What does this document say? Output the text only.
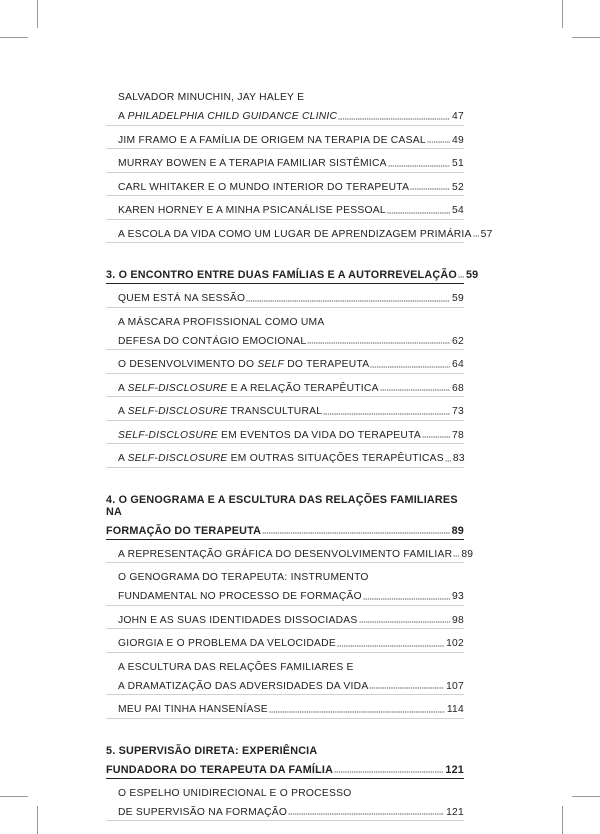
SALVADOR MINUCHIN, JAY HALEY E
A PHILADELPHIA CHILD GUIDANCE CLINIC	47
JIM FRAMO E A FAMÍLIA DE ORIGEM NA TERAPIA DE CASAL	49
MURRAY BOWEN E A TERAPIA FAMILIAR SISTÊMICA	51
CARL WHITAKER E O MUNDO INTERIOR DO TERAPEUTA	52
KAREN HORNEY E A MINHA PSICANÁLISE PESSOAL	54
A ESCOLA DA VIDA COMO UM LUGAR DE APRENDIZAGEM PRIMÁRIA 57
3. O ENCONTRO ENTRE DUAS FAMÍLIAS E A AUTORREVELAÇÃO 59
QUEM ESTÁ NA SESSÃO	59
A MÁSCARA PROFISSIONAL COMO UMA
DEFESA DO CONTÁGIO EMOCIONAL	62
O DESENVOLVIMENTO DO SELF DO TERAPEUTA	64
A SELF-DISCLOSURE E A RELAÇÃO TERAPÊUTICA	68
A SELF-DISCLOSURE TRANSCULTURAL	73
SELF-DISCLOSURE EM EVENTOS DA VIDA DO TERAPEUTA	78
A SELF-DISCLOSURE EM OUTRAS SITUAÇÕES TERAPÊUTICAS 83
4. O GENOGRAMA E A ESCULTURA DAS RELAÇÕES FAMILIARES NA
FORMAÇÃO DO TERAPEUTA	89
A REPRESENTAÇÃO GRÁFICA DO DESENVOLVIMENTO FAMILIAR 89
O GENOGRAMA DO TERAPEUTA: INSTRUMENTO
FUNDAMENTAL NO PROCESSO DE FORMAÇÃO	93
JOHN E AS SUAS IDENTIDADES DISSOCIADAS	98
GIORGIA E O PROBLEMA DA VELOCIDADE	102
A ESCULTURA DAS RELAÇÕES FAMILIARES E
A DRAMATIZAÇÃO DAS ADVERSIDADES DA VIDA	107
MEU PAI TINHA HANSENÍASE	114
5. SUPERVISÃO DIRETA: EXPERIÊNCIA
FUNDADORA DO TERAPEUTA DA FAMÍLIA	121
O ESPELHO UNIDIRECIONAL E O PROCESSO
DE SUPERVISÃO NA FORMAÇÃO	121
